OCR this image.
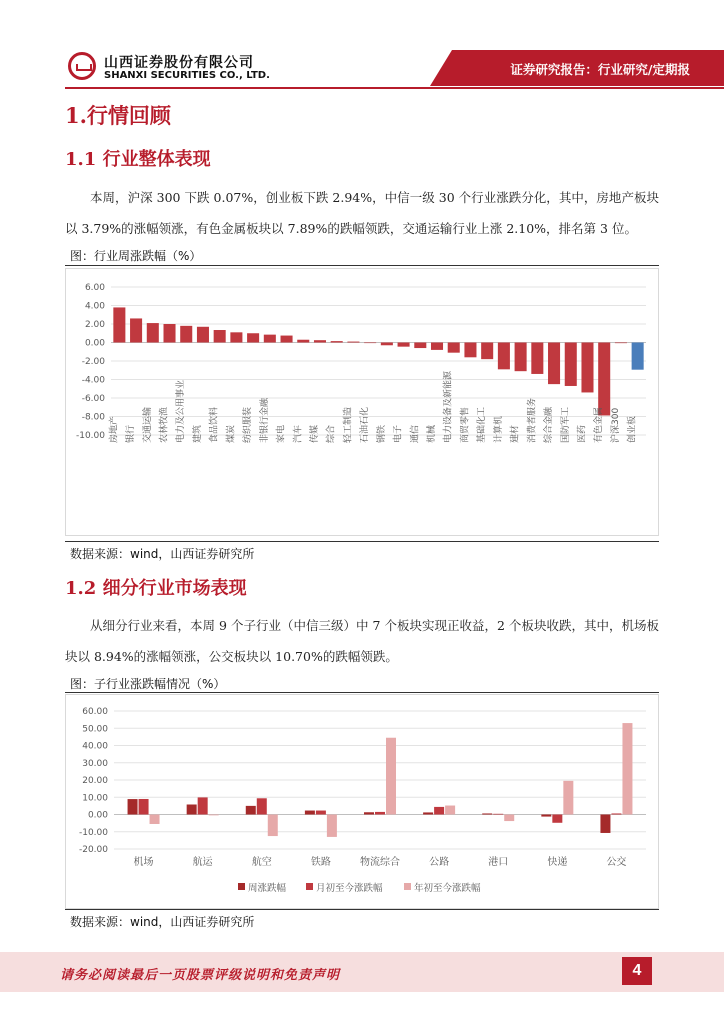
山西证券股份有限公司
SHANXI SECURITIES CO., LTD.	证券研究报告：行业研究/定期报
1.行情回顾
1.1 行业整体表现
本周，沪深 300 下跌 0.07%，创业板下跌 2.94%，中信一级 30 个行业涨跌分化，其中，房地产板块以 3.79%的涨幅领涨，有色金属板块以 7.89%的跌幅领跌，交通运输行业上涨 2.10%，排名第 3 位。
图：行业周涨跌幅（%）
6.00
4.00
2.00
0.00
-2.00
-4.00
-6.00
-8.00
-10.00 房地产 银行 交通运输 农林牧渔 电力及公用事业 建筑 食品饮料 煤炭 纺织服装 非银行金融 家电 汽车 传媒 综合 轻工制造 石油石化 钢铁 电子 通信 机械 电力设备及新能源 商贸零售 基础化工 计算机 建材 消费者服务 综合金融 国防军工 医药 有色金属 沪深300 创业板
数据来源：wind，山西证券研究所
1.2 细分行业市场表现
从细分行业来看，本周 9 个子行业（中信三级）中 7 个板块实现正收益，2 个板块收跌，其中，机场板块以 8.94%的涨幅领涨，公交板块以 10.70%的跌幅领跌。
图：子行业涨跌幅情况（%）
60.00
50.00
40.00
30.00
20.00
10.00
0.00
-10.00
-20.00
机场	航运	航空	铁路	物流综合	公路	港口	快递	公交
周涨跌幅	月初至今涨跌幅	年初至今涨跌幅
数据来源：wind，山西证券研究所
请务必阅读最后一页股票评级说明和免责声明	4
